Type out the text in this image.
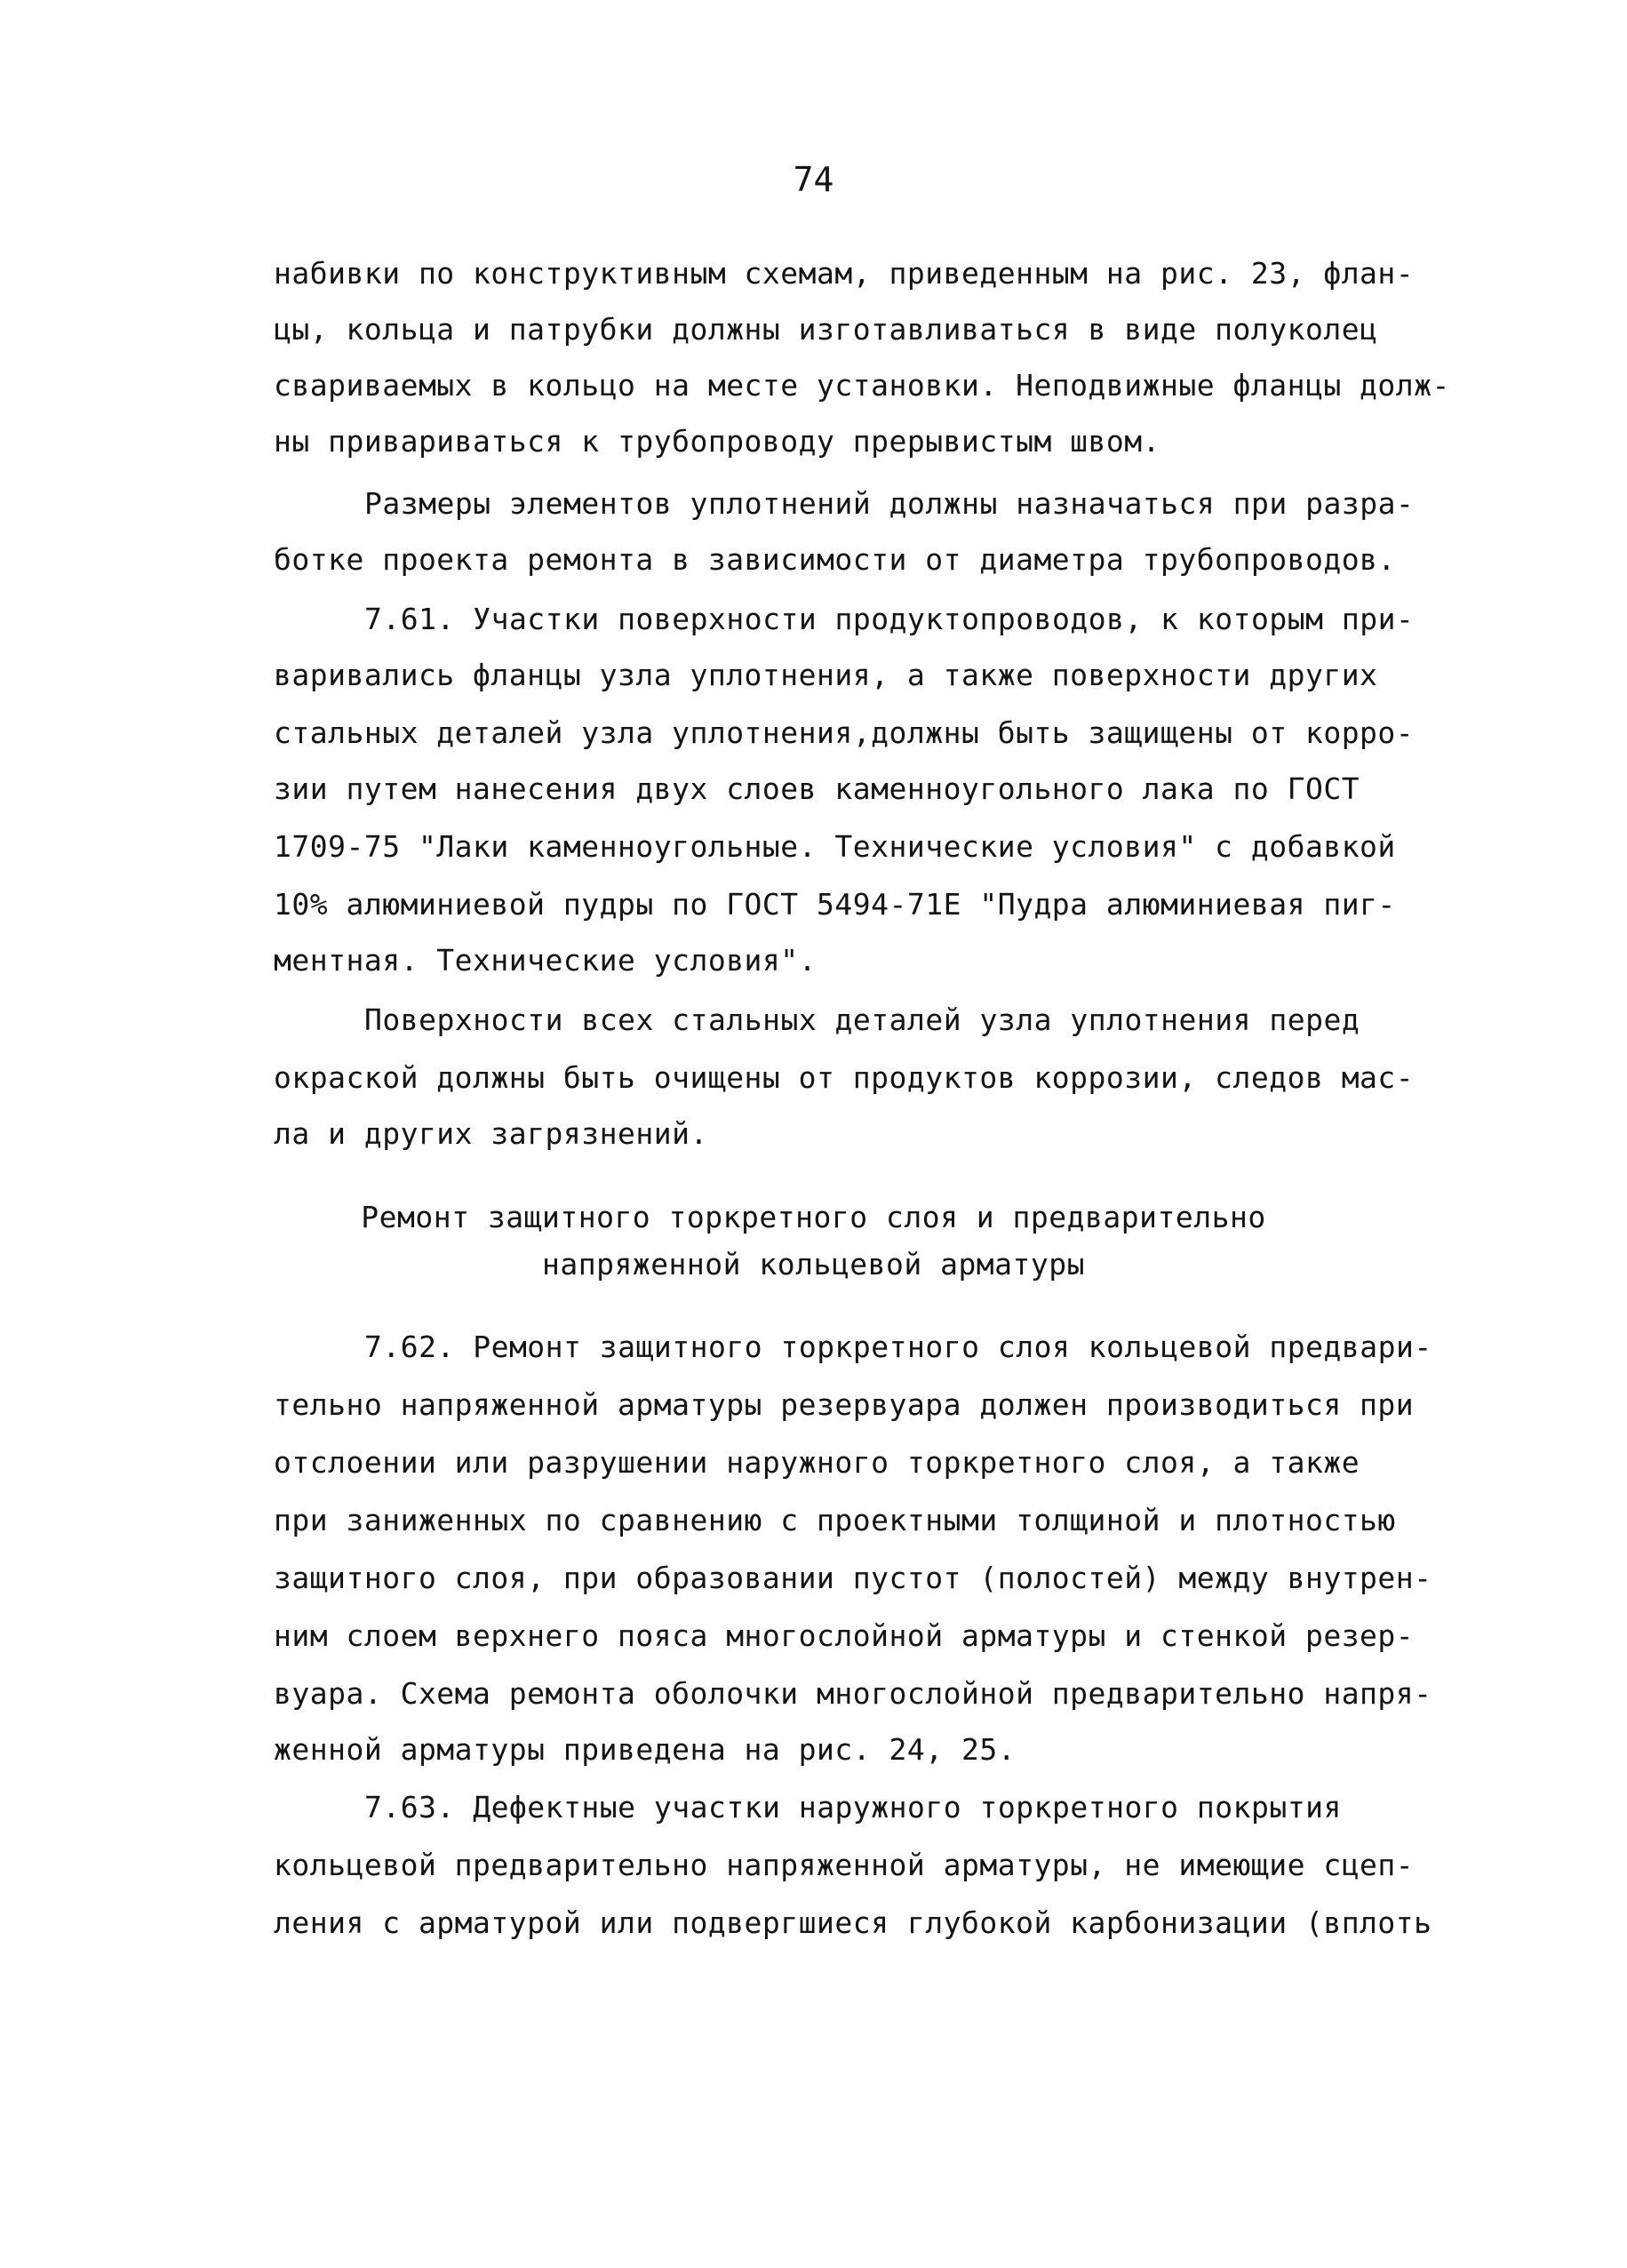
74
набивки по конструктивным схемам, приведенным на рис. 23, флан-
цы, кольца и патрубки должны изготавливаться в виде полуколец
свариваемых в кольцо на месте установки. Неподвижные фланцы долж-
ны привариваться к трубопроводу прерывистым швом.
Размеры элементов уплотнений должны назначаться при разра-
ботке проекта ремонта в зависимости от диаметра трубопроводов.
7.61. Участки поверхности продуктопроводов, к которым при-
варивались фланцы узла уплотнения, а также поверхности других
стальных деталей узла уплотнения,должны быть защищены от корро-
зии путем нанесения двух слоев каменноугольного лака по ГОСТ
1709-75 "Лаки каменноугольные. Технические условия" с добавкой
10% алюминиевой пудры по ГОСТ 5494-71Е "Пудра алюминиевая пиг-
ментная. Технические условия".
Поверхности всех стальных деталей узла уплотнения перед
окраской должны быть очищены от продуктов коррозии, следов мас-
ла и других загрязнений.
Ремонт защитного торкретного слоя и предварительно
напряженной кольцевой арматуры
7.62. Ремонт защитного торкретного слоя кольцевой предвари-
тельно напряженной арматуры резервуара должен производиться при
отслоении или разрушении наружного торкретного слоя, а также
при заниженных по сравнению с проектными толщиной и плотностью
защитного слоя, при образовании пустот (полостей) между внутрен-
ним слоем верхнего пояса многослойной арматуры и стенкой резер-
вуара. Схема ремонта оболочки многослойной предварительно напря-
женной арматуры приведена на рис. 24, 25.
7.63. Дефектные участки наружного торкретного покрытия
кольцевой предварительно напряженной арматуры, не имеющие сцеп-
ления с арматурой или подвергшиеся глубокой карбонизации (вплоть
